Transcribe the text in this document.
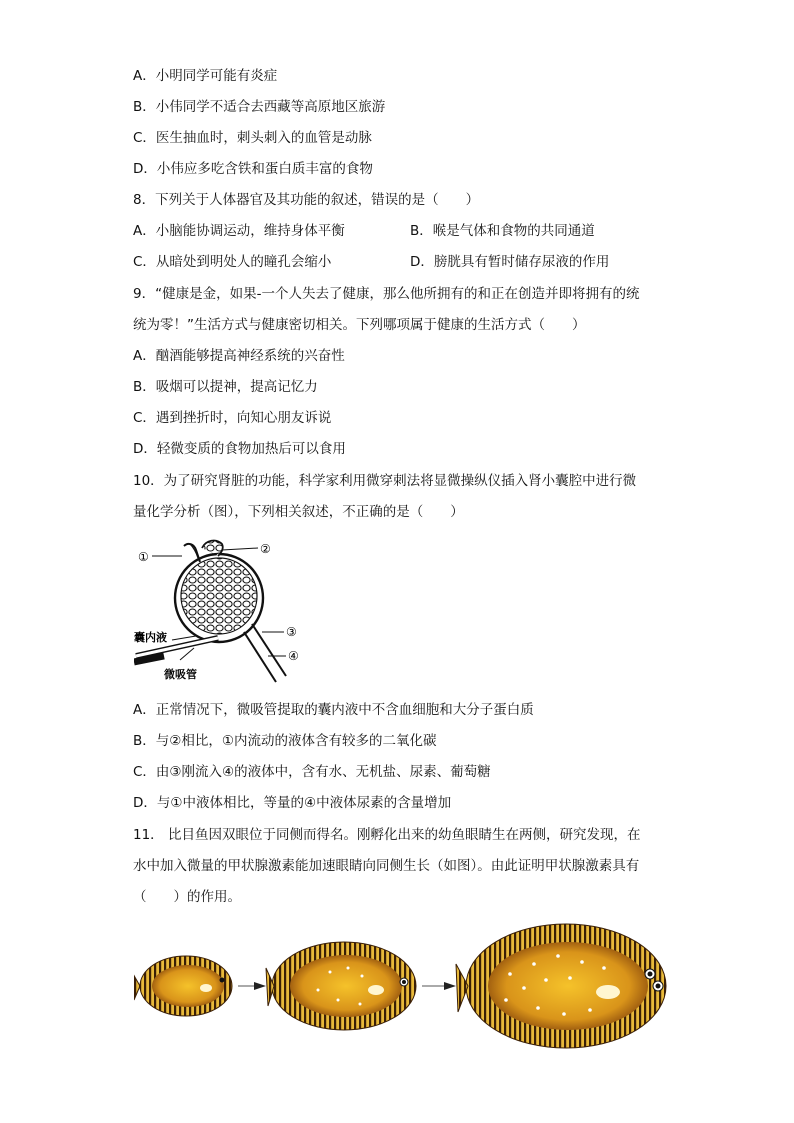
A．小明同学可能有炎症
B．小伟同学不适合去西藏等高原地区旅游
C．医生抽血时，刺头刺入的血管是动脉
D．小伟应多吃含铁和蛋白质丰富的食物
8．下列关于人体器官及其功能的叙述，错误的是（　　）
A．小脑能协调运动，维持身体平衡	B．喉是气体和食物的共同通道
C．从暗处到明处人的瞳孔会缩小	D．膀胱具有暂时储存尿液的作用
9．“健康是金，如果-一个人失去了健康，那么他所拥有的和正在创造并即将拥有的统
统为零！”生活方式与健康密切相关。下列哪项属于健康的生活方式（　　）
A．酗酒能够提高神经系统的兴奋性
B．吸烟可以提神，提高记忆力
C．遇到挫折时，向知心朋友诉说
D．轻微变质的食物加热后可以食用
10．为了研究肾脏的功能，科学家利用微穿刺法将显微操纵仪插入肾小囊腔中进行微
量化学分析（图），下列相关叙述，不正确的是（　　）
①
②
③
④
囊内液
微吸管
A．正常情况下，微吸管提取的囊内液中不含血细胞和大分子蛋白质
B．与②相比，①内流动的液体含有较多的二氧化碳
C．由③刚流入④的液体中，含有水、无机盐、尿素、葡萄糖
D．与①中液体相比，等量的④中液体尿素的含量增加
11． 比目鱼因双眼位于同侧而得名。刚孵化出来的幼鱼眼睛生在两侧，研究发现，在
水中加入微量的甲状腺激素能加速眼睛向同侧生长（如图）。由此证明甲状腺激素具有
（　　）的作用。
